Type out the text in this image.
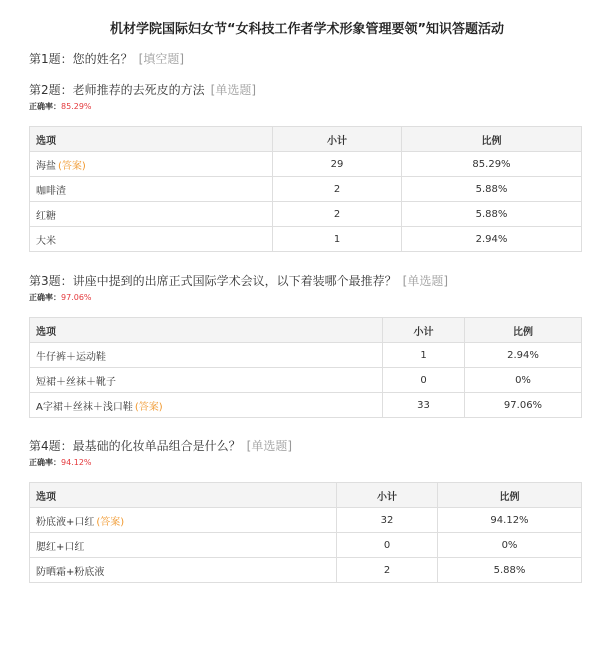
机材学院国际妇女节“女科技工作者学术形象管理要领”知识答题活动
第1题：您的姓名？ [填空题]
第2题：老师推荐的去死皮的方法 [单选题]
正确率：85.29%
选项	小计	比例
海盐 (答案)	29	85.29%
咖啡渣	2	5.88%
红糖	2	5.88%
大米	1	2.94%
第3题：讲座中提到的出席正式国际学术会议，以下着装哪个最推荐？ [单选题]
正确率：97.06%
选项	小计	比例
牛仔裤＋运动鞋	1	2.94%
短裙＋丝袜＋靴子	0	0%
A字裙＋丝袜＋浅口鞋 (答案)	33	97.06%
第4题：最基础的化妆单品组合是什么？ [单选题]
正确率：94.12%
选项	小计	比例
粉底液+口红 (答案)	32	94.12%
腮红+口红	0	0%
防晒霜+粉底液	2	5.88%
